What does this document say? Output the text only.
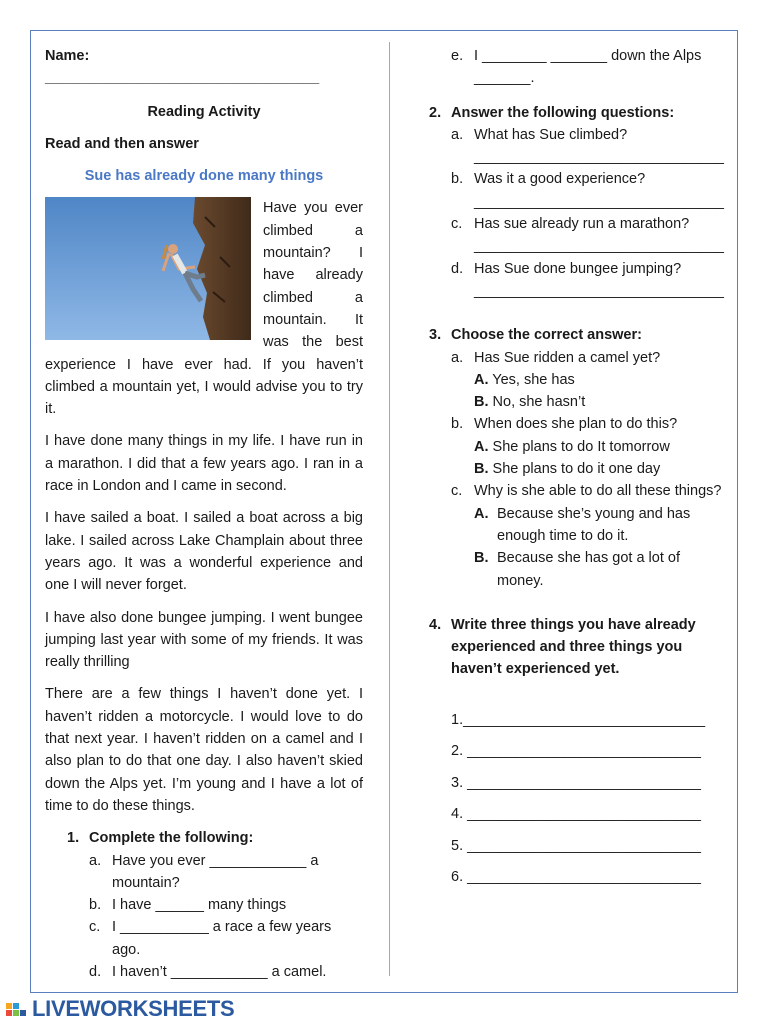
Name: __________________________________

Reading Activity

Read and then answer

Sue has already done many things

Have you ever climbed a mountain? I have already climbed a mountain. It was the best experience I have ever had. If you haven’t climbed a mountain yet, I would advise you to try it.

I have done many things in my life. I have run in a marathon. I did that a few years ago. I ran in a race in London and I came in second.

I have sailed a boat. I sailed a boat across a big lake. I sailed across Lake Champlain about three years ago. It was a wonderful experience and one I will never forget.

I have also done bungee jumping. I went bungee jumping last year with some of my friends. It was really thrilling

There are a few things I haven’t done yet. I haven’t ridden a motorcycle. I would love to do that next year. I haven’t ridden on a camel and I also plan to do that one day. I also haven’t skied down the Alps yet. I’m young and I have a lot of time to do these things.

1. Complete the following:
a. Have you ever ____________ a mountain?
b. I have ______ many things
c. I ___________ a race a few years ago.
d. I haven’t ____________ a camel.
e. I ________ _______ down the Alps _______.
2. Answer the following questions:
a. What has Sue climbed?
_______________________________
b. Was it a good experience?
_______________________________
c. Has sue already run a marathon?
_______________________________
d. Has Sue done bungee jumping?
_______________________________
3. Choose the correct answer:
a. Has Sue ridden a camel yet?
A. Yes, she has
B. No, she hasn’t
b. When does she plan to do this?
A. She plans to do It tomorrow
B. She plans to do it one day
c. Why is she able to do all these things?
A. Because she’s young and has enough time to do it.
B. Because she has got a lot of money.
4. Write three things you have already experienced and three things you haven’t experienced yet.
1.______________________________
2. _____________________________
3. _____________________________
4. _____________________________
5. _____________________________
6. _____________________________
LIVEWORKSHEETS
